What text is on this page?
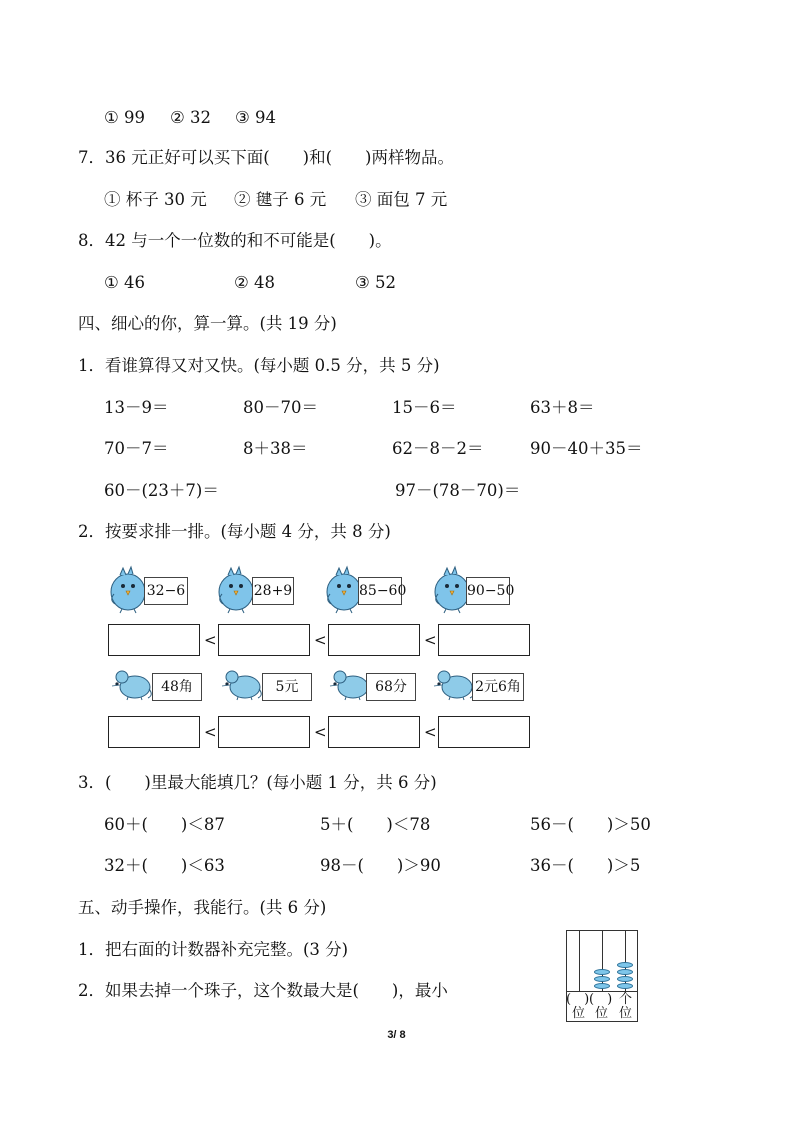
① 99 ② 32 ③ 94
7．36 元正好可以买下面(　　)和(　　)两样物品。
① 杯子 30 元 ② 毽子 6 元 ③ 面包 7 元
8．42 与一个一位数的和不可能是(　　)。
① 46	② 48	③ 52
四、细心的你，算一算。(共 19 分)
1．看谁算得又对又快。(每小题 0.5 分，共 5 分)
13－9＝	80－70＝	15－6＝	63＋8＝
70－7＝	8＋38＝	62－8－2＝	90－40＋35＝
60－(23＋7)＝	97－(78－70)＝
2．按要求排一排。(每小题 4 分，共 8 分)
32−6	28+9	85−60	90−50
<	<	<
48角	5元	68分	2元6角
<	<	<
3．(　　)里最大能填几？(每小题 1 分，共 6 分)
60＋(　　)＜87	5＋(　　)＜78	56－(　　)＞50
32＋(　　)＜63	98－(　　)＞90	36－(　　)＞5
五、动手操作，我能行。(共 6 分)
1．把右面的计数器补充完整。(3 分)
2．如果去掉一个珠子，这个数最大是(　　)，最小	(　) (　) 个
位 位 位
3/ 8
